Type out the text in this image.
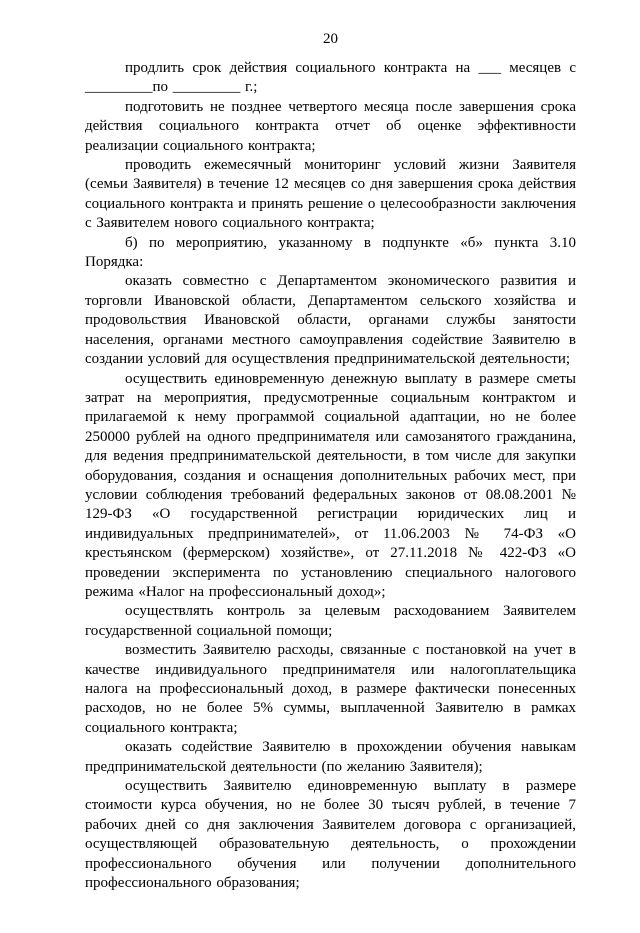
20

продлить срок действия социального контракта на ___ месяцев с _________по _________ г.;

подготовить не позднее четвертого месяца после завершения срока действия социального контракта отчет об оценке эффективности реализации социального контракта;

проводить ежемесячный мониторинг условий жизни Заявителя (семьи Заявителя) в течение 12 месяцев со дня завершения срока действия социального контракта и принять решение о целесообразности заключения с Заявителем нового социального контракта;

б) по мероприятию, указанному в подпункте «б» пункта 3.10 Порядка:

оказать совместно с Департаментом экономического развития и торговли Ивановской области, Департаментом сельского хозяйства и продовольствия Ивановской области, органами службы занятости населения, органами местного самоуправления содействие Заявителю в создании условий для осуществления предпринимательской деятельности;

осуществить единовременную денежную выплату в размере сметы затрат на мероприятия, предусмотренные социальным контрактом и прилагаемой к нему программой социальной адаптации, но не более 250000 рублей на одного предпринимателя или самозанятого гражданина, для ведения предпринимательской деятельности, в том числе для закупки оборудования, создания и оснащения дополнительных рабочих мест, при условии соблюдения требований федеральных законов от 08.08.2001 № 129-ФЗ «О государственной регистрации юридических лиц и индивидуальных предпринимателей», от 11.06.2003 № 74-ФЗ «О крестьянском (фермерском) хозяйстве», от 27.11.2018 № 422-ФЗ «О проведении эксперимента по установлению специального налогового режима «Налог на профессиональный доход»;

осуществлять контроль за целевым расходованием Заявителем государственной социальной помощи;

возместить Заявителю расходы, связанные с постановкой на учет в качестве индивидуального предпринимателя или налогоплательщика налога на профессиональный доход, в размере фактически понесенных расходов, но не более 5% суммы, выплаченной Заявителю в рамках социального контракта;

оказать содействие Заявителю в прохождении обучения навыкам предпринимательской деятельности (по желанию Заявителя);

осуществить Заявителю единовременную выплату в размере стоимости курса обучения, но не более 30 тысяч рублей, в течение 7 рабочих дней со дня заключения Заявителем договора с организацией, осуществляющей образовательную деятельность, о прохождении профессионального обучения или получении дополнительного профессионального образования;
